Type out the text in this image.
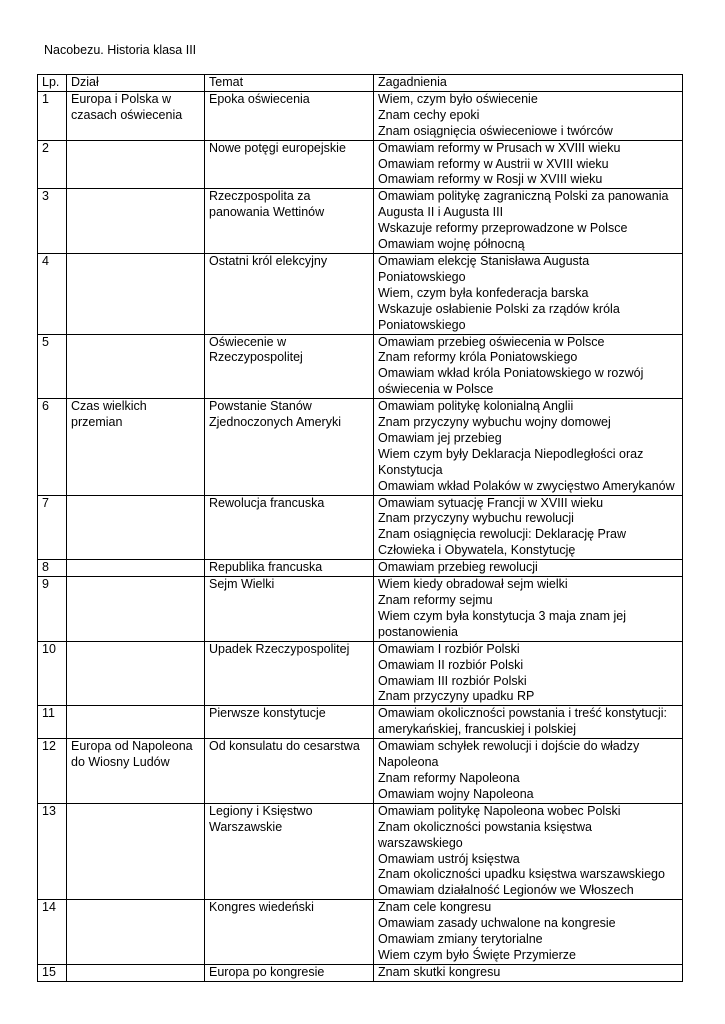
Nacobezu. Historia klasa III
Lp.	Dział	Temat	Zagadnienia
1	Europa i Polska w czasach oświecenia	Epoka oświecenia	Wiem, czym było oświecenie
Znam cechy epoki
Znam osiągnięcia oświeceniowe i twórców

2		Nowe potęgi europejskie	Omawiam reformy w Prusach w XVIII wieku
Omawiam reformy w Austrii w XVIII wieku
Omawiam reformy w Rosji w XVIII wieku

3		Rzeczpospolita za panowania Wettinów	Omawiam politykę zagraniczną Polski za panowania Augusta II i Augusta III
Wskazuje reformy przeprowadzone w Polsce
Omawiam wojnę północną

4		Ostatni król elekcyjny	Omawiam elekcję Stanisława Augusta Poniatowskiego
Wiem, czym była konfederacja barska
Wskazuje osłabienie Polski za rządów króla Poniatowskiego

5		Oświecenie w Rzeczypospolitej	Omawiam przebieg oświecenia w Polsce
Znam reformy króla Poniatowskiego
Omawiam wkład króla Poniatowskiego w rozwój oświecenia w Polsce

6	Czas wielkich przemian	Powstanie Stanów Zjednoczonych Ameryki	Omawiam politykę kolonialną Anglii
Znam przyczyny wybuchu wojny domowej
Omawiam jej przebieg
Wiem czym były Deklaracja Niepodległości oraz Konstytucja
Omawiam wkład Polaków w zwycięstwo Amerykanów

7		Rewolucja francuska	Omawiam sytuację Francji w XVIII wieku
Znam przyczyny wybuchu rewolucji
Znam osiągnięcia rewolucji: Deklarację Praw Człowieka i Obywatela, Konstytucję

8		Republika francuska	Omawiam przebieg rewolucji

9		Sejm Wielki	Wiem kiedy obradował sejm wielki
Znam reformy sejmu
Wiem czym była konstytucja 3 maja znam jej postanowienia

10		Upadek Rzeczypospolitej	Omawiam I rozbiór Polski
Omawiam II rozbiór Polski
Omawiam III rozbiór Polski
Znam przyczyny upadku RP

11		Pierwsze konstytucje	Omawiam okoliczności powstania i treść konstytucji: amerykańskiej, francuskiej i polskiej

12	Europa od Napoleona do Wiosny Ludów	Od konsulatu do cesarstwa	Omawiam schyłek rewolucji i dojście do władzy Napoleona
Znam reformy Napoleona
Omawiam wojny Napoleona

13		Legiony i Księstwo Warszawskie	Omawiam politykę Napoleona wobec Polski
Znam okoliczności powstania księstwa warszawskiego
Omawiam ustrój księstwa
Znam okoliczności upadku księstwa warszawskiego
Omawiam działalność Legionów we Włoszech

14		Kongres wiedeński	Znam cele kongresu
Omawiam zasady uchwalone na kongresie
Omawiam zmiany terytorialne
Wiem czym było Święte Przymierze

15		Europa po kongresie	Znam skutki kongresu
